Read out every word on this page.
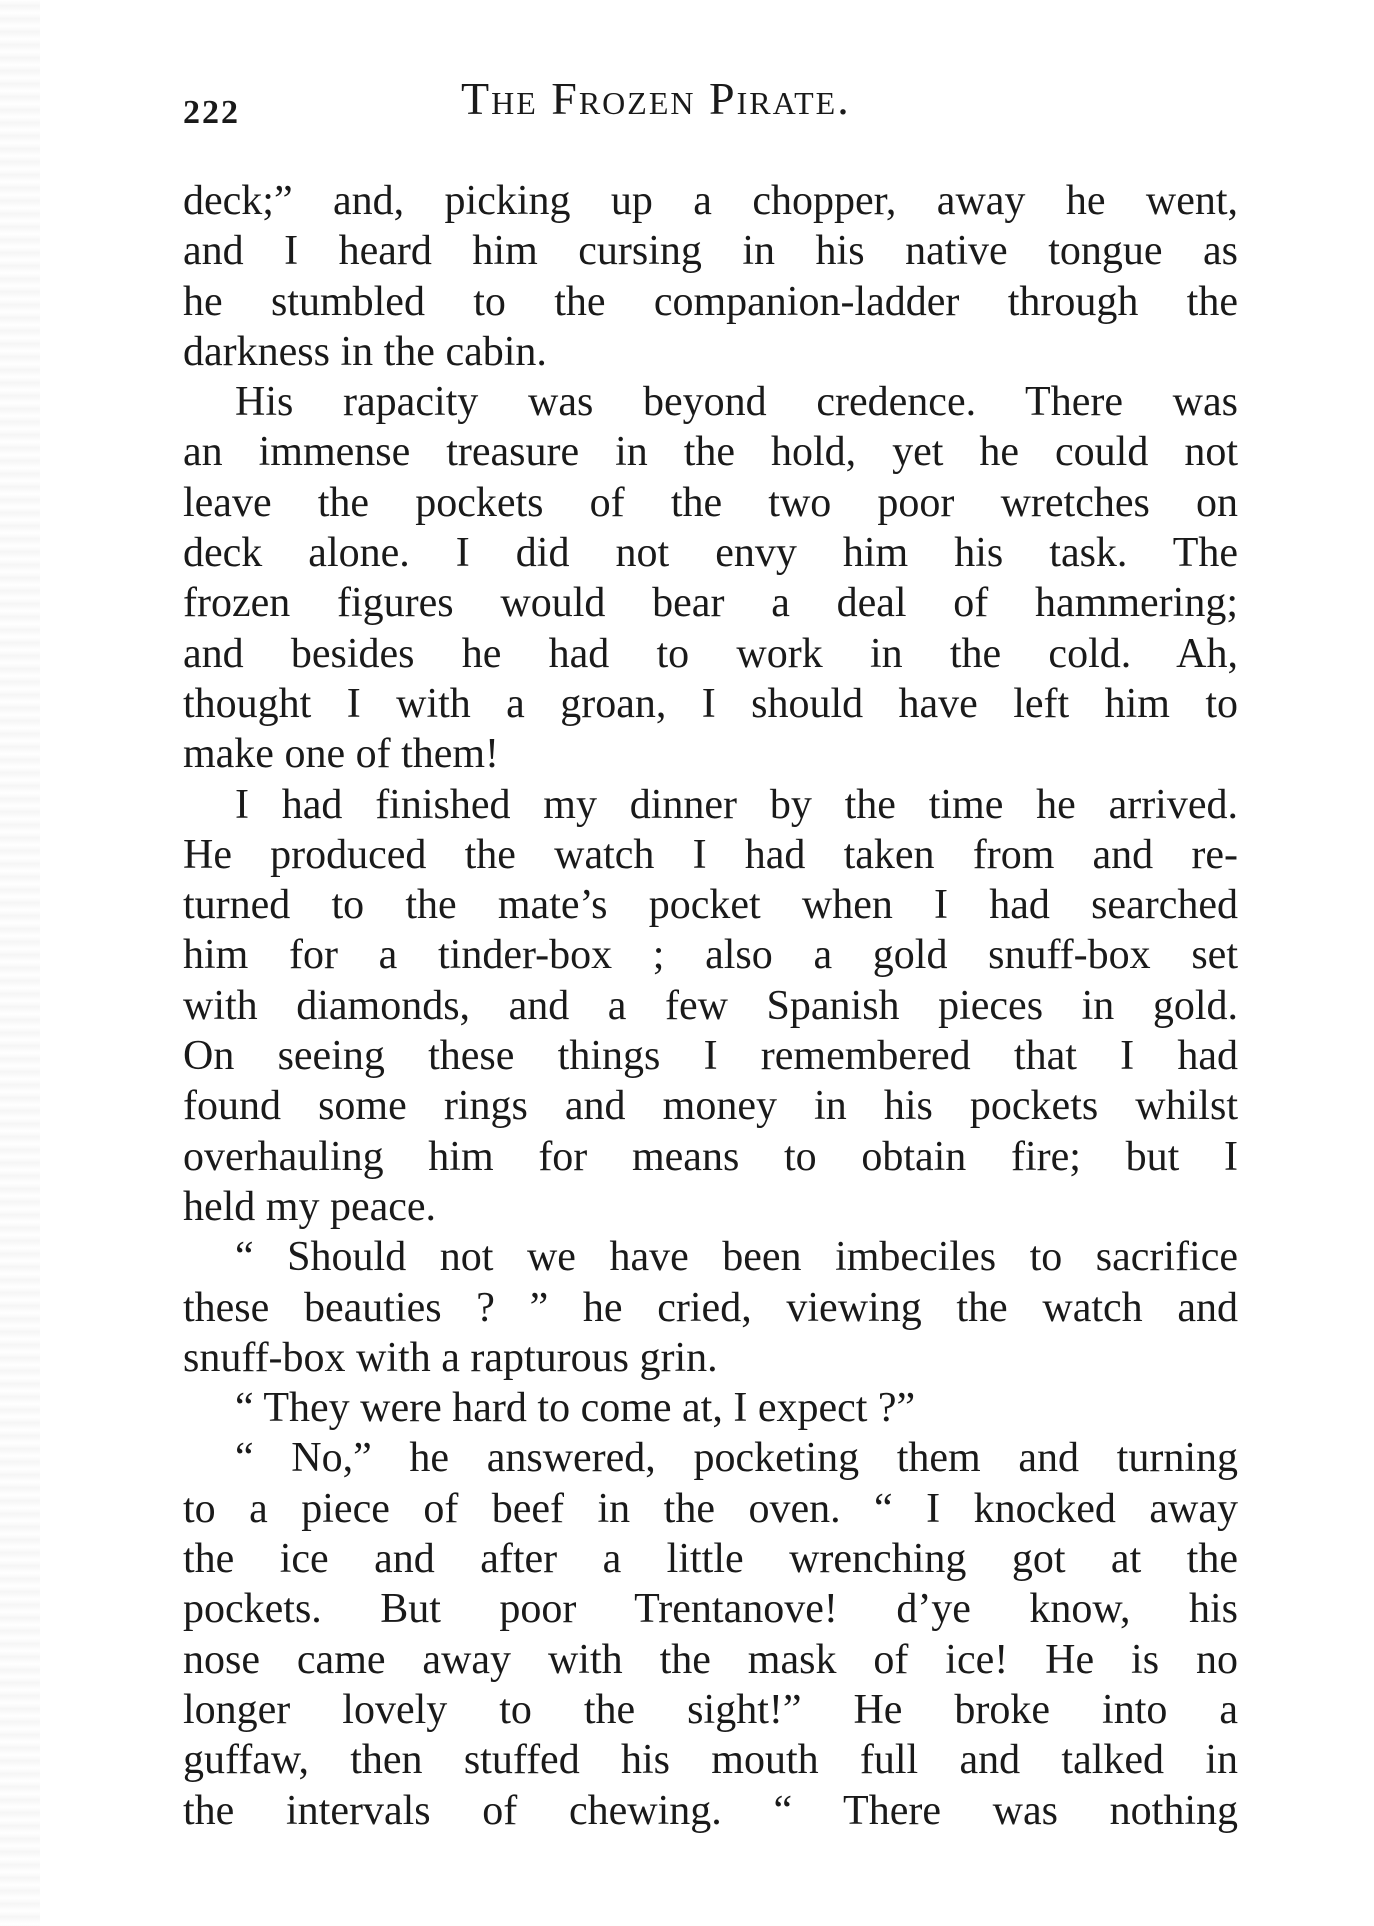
222	The Frozen Pirate.
deck;” and, picking up a chopper, away he went,
and I heard him cursing in his native tongue as
he stumbled to the companion-ladder through the
darkness in the cabin.
His rapacity was beyond credence. There was
an immense treasure in the hold, yet he could not
leave the pockets of the two poor wretches on
deck alone. I did not envy him his task. The
frozen figures would bear a deal of hammering;
and besides he had to work in the cold. Ah,
thought I with a groan, I should have left him to
make one of them!
I had finished my dinner by the time he arrived.
He produced the watch I had taken from and re-
turned to the mate’s pocket when I had searched
him for a tinder-box ; also a gold snuff-box set
with diamonds, and a few Spanish pieces in gold.
On seeing these things I remembered that I had
found some rings and money in his pockets whilst
overhauling him for means to obtain fire; but I
held my peace.
“ Should not we have been imbeciles to sacrifice
these beauties ? ” he cried, viewing the watch and
snuff-box with a rapturous grin.
“ They were hard to come at, I expect ?”
“ No,” he answered, pocketing them and turning
to a piece of beef in the oven. “ I knocked away
the ice and after a little wrenching got at the
pockets. But poor Trentanove! d’ye know, his
nose came away with the mask of ice! He is no
longer lovely to the sight!” He broke into a
guffaw, then stuffed his mouth full and talked in
the intervals of chewing. “ There was nothing
